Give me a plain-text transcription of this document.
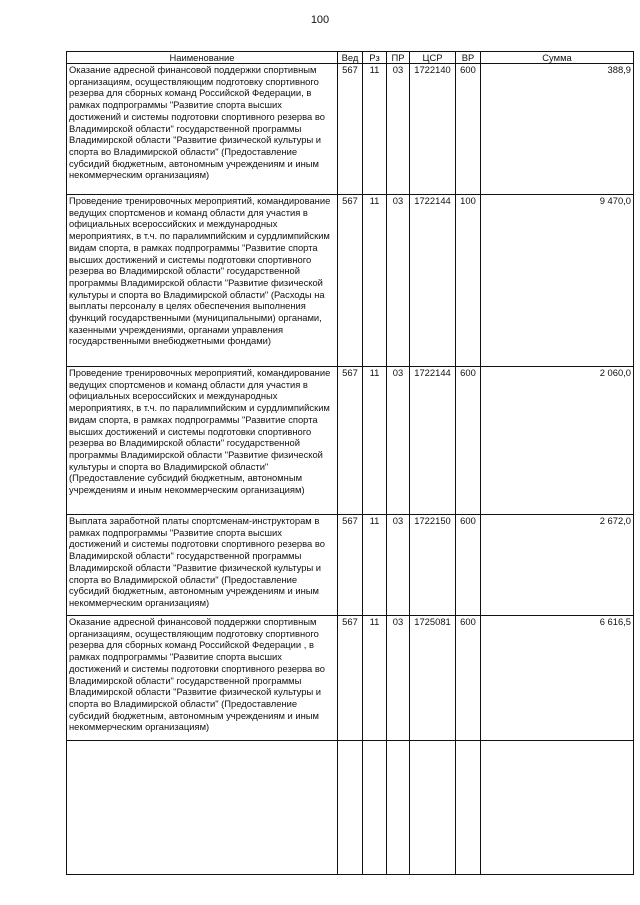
100
Наименование	Вед	Рз	ПР	ЦСР	ВР	Сумма
Оказание адресной финансовой поддержки спортивным организациям, осуществляющим подготовку спортивного резерва для сборных команд Российской Федерации, в рамках подпрограммы "Развитие спорта высших достижений и системы подготовки спортивного резерва во Владимирской области" государственной программы Владимирской области "Развитие физической культуры и спорта во Владимирской области" (Предоставление субсидий бюджетным, автономным учреждениям и иным некоммерческим организациям)	567	11	03	1722140	600	388,9
Проведение тренировочных мероприятий, командирование ведущих спортсменов и команд области для участия в официальных всероссийских и международных мероприятиях, в т.ч. по паралимпийским и сурдлимпийским видам спорта, в рамках подпрограммы "Развитие спорта высших достижений и системы подготовки спортивного резерва во Владимирской области" государственной программы Владимирской области "Развитие физической культуры и спорта во Владимирской области" (Расходы на выплаты персоналу в целях обеспечения выполнения функций государственными (муниципальными) органами, казенными учреждениями, органами управления государственными внебюджетными фондами)	567	11	03	1722144	100	9 470,0
Проведение тренировочных мероприятий, командирование ведущих спортсменов и команд области для участия в официальных всероссийских и международных мероприятиях, в т.ч. по паралимпийским и сурдлимпийским видам спорта, в рамках подпрограммы "Развитие спорта высших достижений и системы подготовки спортивного резерва во Владимирской области" государственной программы Владимирской области "Развитие физической культуры и спорта во Владимирской области" (Предоставление субсидий бюджетным, автономным учреждениям и иным некоммерческим организациям)	567	11	03	1722144	600	2 060,0
Выплата заработной платы спортсменам-инструкторам в рамках подпрограммы "Развитие спорта высших достижений и системы подготовки спортивного резерва во Владимирской области" государственной программы Владимирской области "Развитие физической культуры и спорта во Владимирской области" (Предоставление субсидий бюджетным, автономным учреждениям и иным некоммерческим организациям)	567	11	03	1722150	600	2 672,0
Оказание адресной финансовой поддержки спортивным организациям, осуществляющим подготовку спортивного резерва для сборных команд Российской Федерации , в рамках подпрограммы "Развитие спорта высших достижений и системы подготовки спортивного резерва во Владимирской области" государственной программы Владимирской области "Развитие физической культуры и спорта во Владимирской области" (Предоставление субсидий бюджетным, автономным учреждениям и иным некоммерческим организациям)	567	11	03	1725081	600	6 616,5
